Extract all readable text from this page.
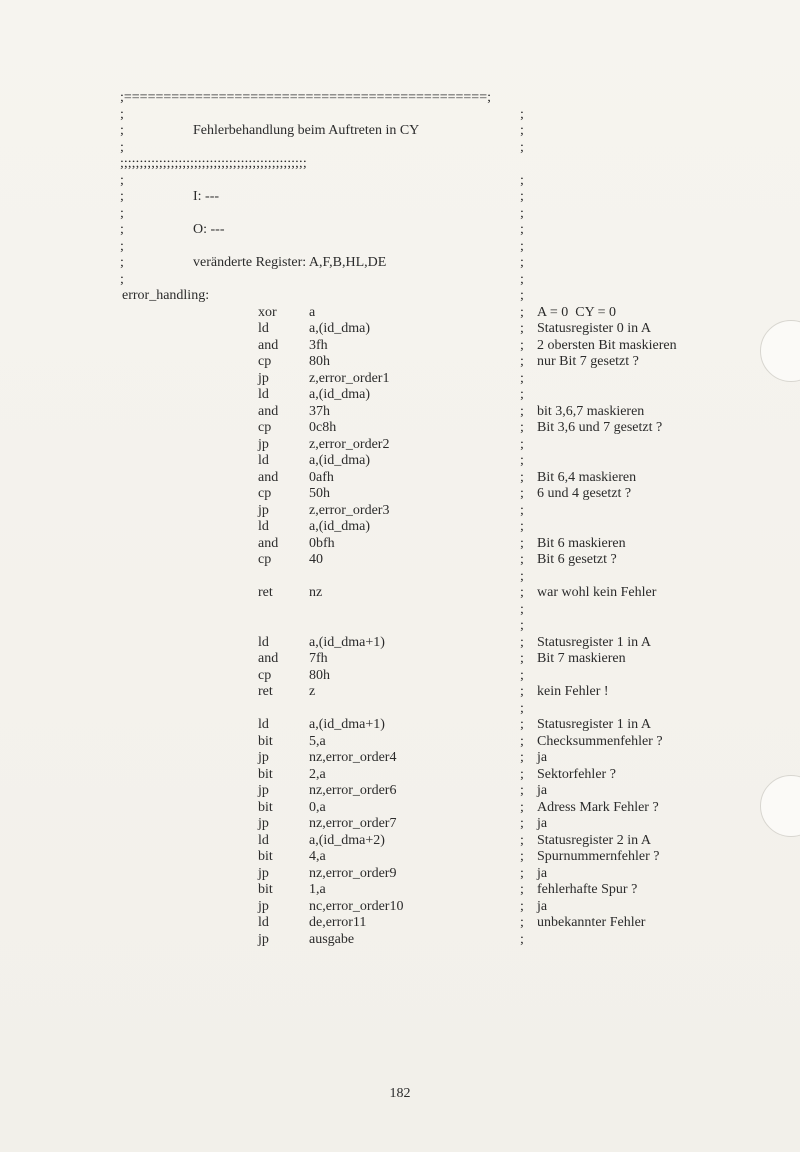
;==============================================;
;	;
;	Fehlerbehandlung beim Auftreten in CY	;
;	;
;;;;;;;;;;;;;;;;;;;;;;;;;;;;;;;;;;;;;;;;;;;;;;;;
;	;
;	I: ---	;
;	;
;	O: ---	;
;	;
;	veränderte Register: A,F,B,HL,DE	;
;	;
error_handling:	;
xor a	; A = 0  CY = 0
ld	a,(id_dma)	; Statusregister 0 in A
and 3fh	; 2 obersten Bit maskieren
cp	80h	; nur Bit 7 gesetzt ?
jp	z,error_order1	;
ld	a,(id_dma)	;
and 37h	; bit 3,6,7 maskieren
cp	0c8h	; Bit 3,6 und 7 gesetzt ?
jp	z,error_order2	;
ld	a,(id_dma)	;
and 0afh	; Bit 6,4 maskieren
cp	50h	; 6 und 4 gesetzt ?
jp	z,error_order3	;
ld	a,(id_dma)	;
and 0bfh	; Bit 6 maskieren
cp	40	; Bit 6 gesetzt ?
;
ret	nz	; war wohl kein Fehler
;
;
ld	a,(id_dma+1)	; Statusregister 1 in A
and 7fh	; Bit 7 maskieren
cp	80h	;
ret	z	; kein Fehler !
;
ld	a,(id_dma+1)	; Statusregister 1 in A
bit	5,a	; Checksummenfehler ?
jp	nz,error_order4	; ja
bit	2,a	; Sektorfehler ?
jp	nz,error_order6	; ja
bit	0,a	; Adress Mark Fehler ?
jp	nz,error_order7	; ja
ld	a,(id_dma+2)	; Statusregister 2 in A
bit	4,a	; Spurnummernfehler ?
jp	nz,error_order9	; ja
bit	1,a	; fehlerhafte Spur ?
jp	nc,error_order10	; ja
ld	de,error11	; unbekannter Fehler
jp	ausgabe	;
182
